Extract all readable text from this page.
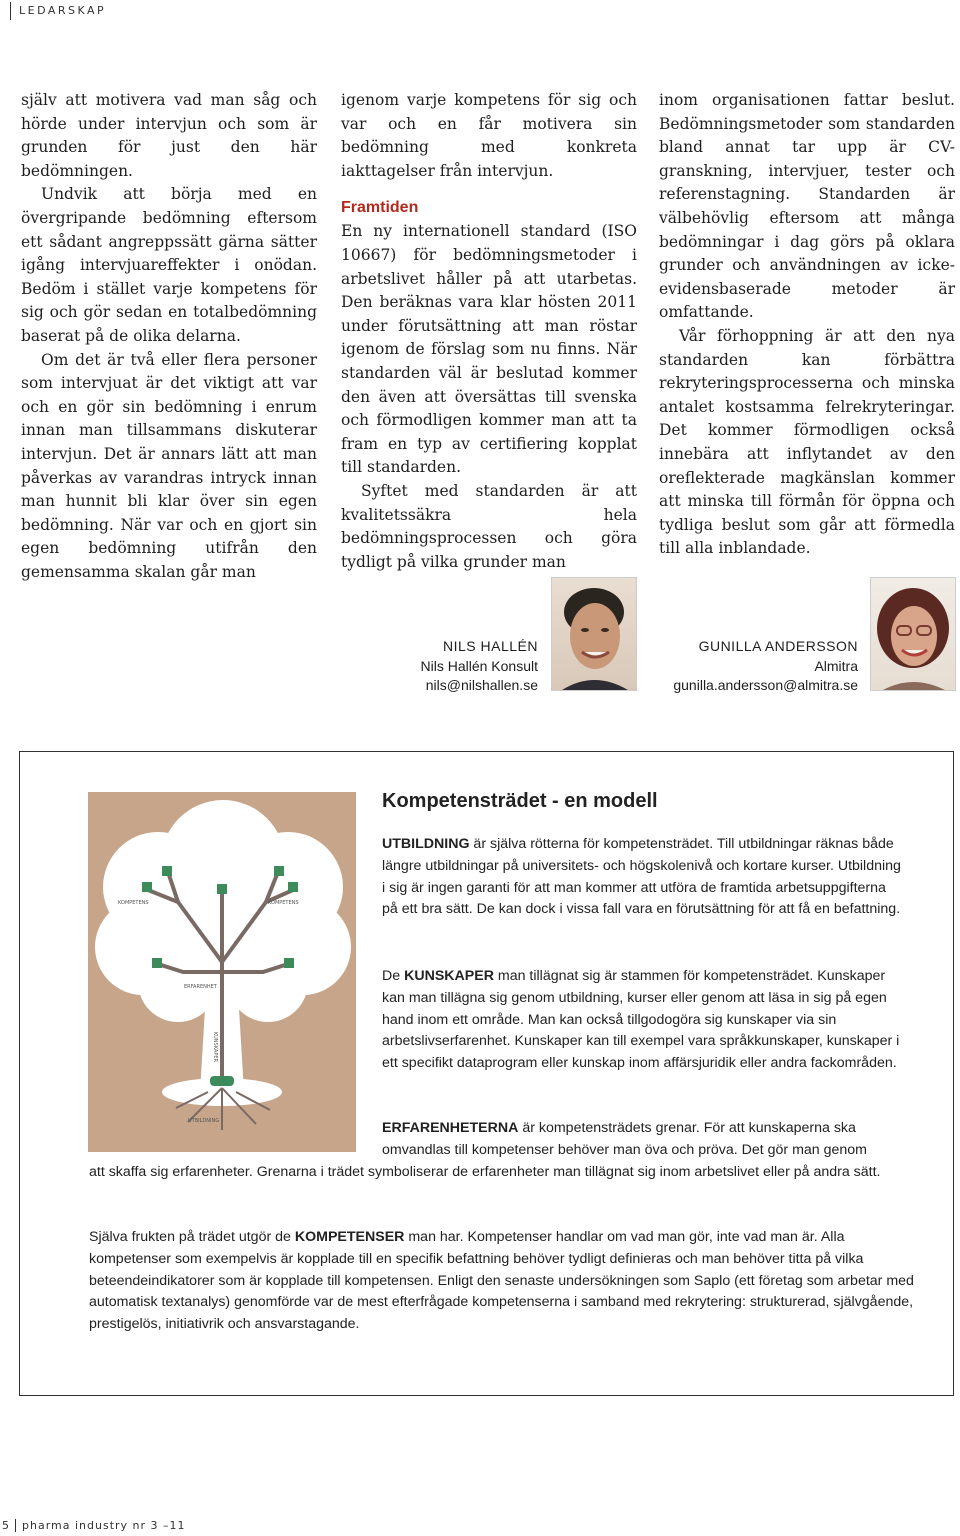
LEDARSKAP

själv att motivera vad man såg och hörde under intervjun och som är grunden för just den här bedömningen.

Undvik att börja med en övergripande bedömning eftersom ett sådant angreppssätt gärna sätter igång intervjuareffekter i onödan. Bedöm i stället varje kompetens för sig och gör sedan en totalbedömning baserat på de olika delarna.

Om det är två eller flera personer som intervjuat är det viktigt att var och en gör sin bedömning i enrum innan man tillsammans diskuterar intervjun. Det är annars lätt att man påverkas av varandras intryck innan man hunnit bli klar över sin egen bedömning. När var och en gjort sin egen bedömning utifrån den gemensamma skalan går man

igenom varje kompetens för sig och var och en får motivera sin bedömning med konkreta iakttagelser från intervjun.

Framtiden

En ny internationell standard (ISO 10667) för bedömningsmetoder i arbetslivet håller på att utarbetas. Den beräknas vara klar hösten 2011 under förutsättning att man röstar igenom de förslag som nu finns. När standarden väl är beslutad kommer den även att översättas till svenska och förmodligen kommer man att ta fram en typ av certifiering kopplat till standarden.

Syftet med standarden är att kvalitetssäkra hela bedömningsprocessen och göra tydligt på vilka grunder man

inom organisationen fattar beslut. Bedömningsmetoder som standarden bland annat tar upp är CV-granskning, intervjuer, tester och referenstagning. Standarden är välbehövlig eftersom att många bedömningar i dag görs på oklara grunder och användningen av icke-evidensbaserade metoder är omfattande.

Vår förhoppning är att den nya standarden kan förbättra rekryteringsprocesserna och minska antalet kostsamma felrekryteringar. Det kommer förmodligen också innebära att inflytandet av den oreflekterade magkänslan kommer att minska till förmån för öppna och tydliga beslut som går att förmedla till alla inblandade.

NILS HALLÉN
Nils Hallén Konsult
nils@nilshallen.se
GUNILLA ANDERSSON
Almitra
gunilla.andersson@almitra.se
KOMPETENS	KOMPETENS
ERFARENHET
KUNSKAPER
UTBILDNING
Kompetensträdet - en modell

UTBILDNING är själva rötterna för kompetensträdet. Till utbildningar räknas både längre utbildningar på universitets- och högskolenivå och kortare kurser. Utbildning i sig är ingen garanti för att man kommer att utföra de framtida arbetsuppgifterna på ett bra sätt. De kan dock i vissa fall vara en förutsättning för att få en befattning.

De KUNSKAPER man tillägnat sig är stammen för kompetensträdet. Kunskaper kan man tillägna sig genom utbildning, kurser eller genom att läsa in sig på egen hand inom ett område. Man kan också tillgodogöra sig kunskaper via sin arbetslivserfarenhet. Kunskaper kan till exempel vara språkkunskaper, kunskaper i ett specifikt dataprogram eller kunskap inom affärsjuridik eller andra fackområden.

ERFARENHETERNA är kompetensträdets grenar. För att kunskaperna ska
omvandlas till kompetenser behöver man öva och pröva. Det gör man genom

att skaffa sig erfarenheter. Grenarna i trädet symboliserar de erfarenheter man tillägnat sig inom arbetslivet eller på andra sätt.

Själva frukten på trädet utgör de KOMPETENSER man har. Kompetenser handlar om vad man gör, inte vad man är. Alla kompetenser som exempelvis är kopplade till en specifik befattning behöver tydligt definieras och man behöver titta på vilka beteendeindikatorer som är kopplade till kompetensen. Enligt den senaste undersökningen som Saplo (ett företag som arbetar med automatisk textanalys) genomförde var de mest efterfrågade kompetenserna i samband med rekrytering: strukturerad, självgående, prestigelös, initiativrik och ansvarstagande.

5 pharma industry nr 3 –11
